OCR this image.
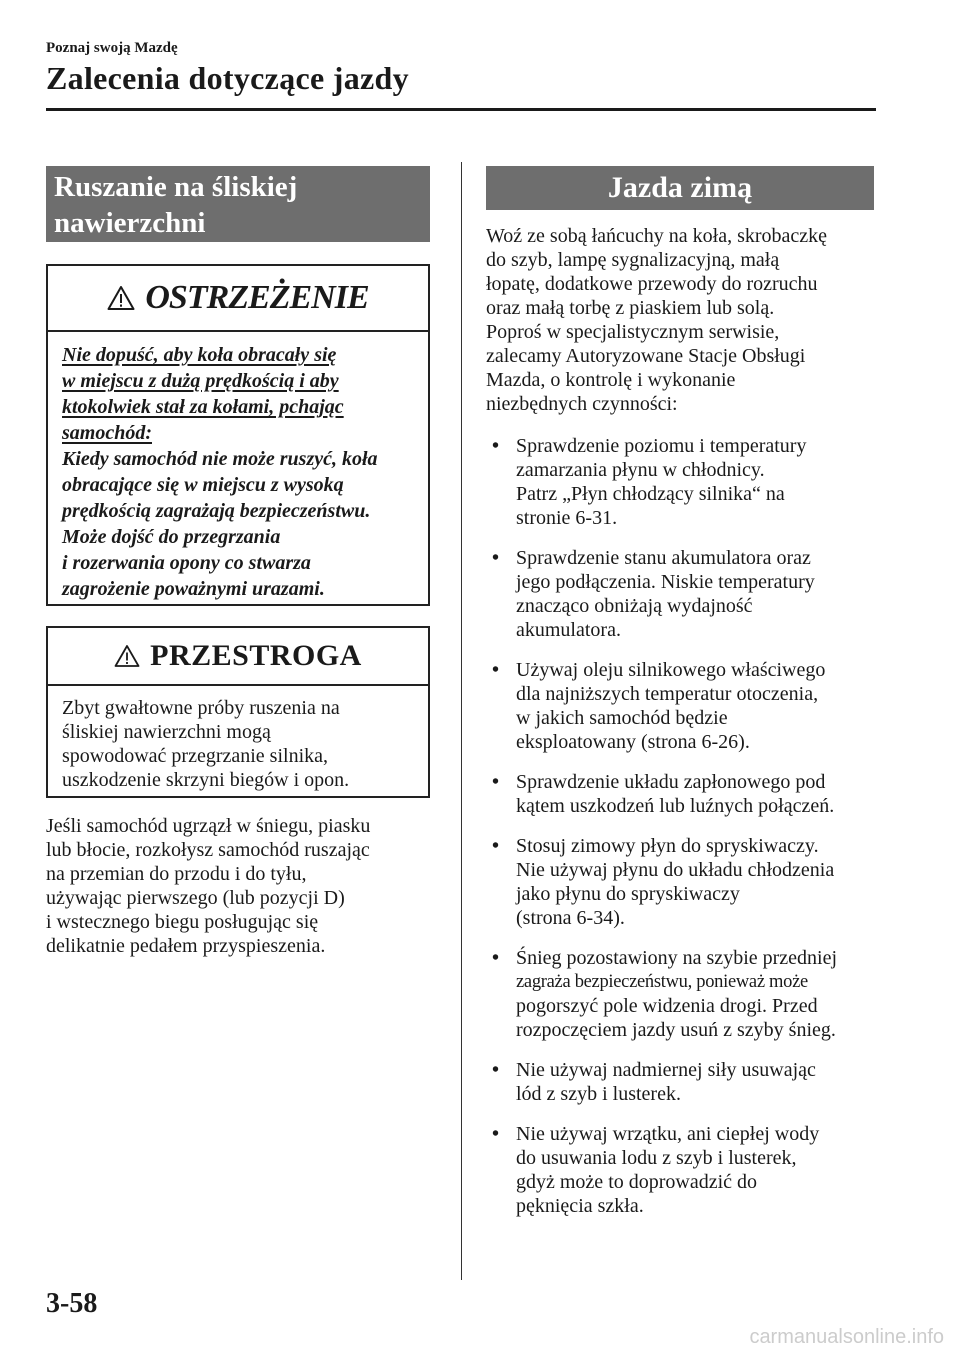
Poznaj swoją Mazdę
Zalecenia dotyczące jazdy
Ruszanie na śliskiej
nawierzchni
OSTRZEŻENIE

Nie dopuść, aby koła obracały się

w miejscu z dużą prędkością i aby

ktokolwiek stał za kołami, pchając

samochód:

Kiedy samochód nie może ruszyć, koła

obracające się w miejscu z wysoką

prędkością zagrażają bezpieczeństwu.

Może dojść do przegrzania

i rozerwania opony co stwarza

zagrożenie poważnymi urazami.

PRZESTROGA
Zbyt gwałtowne próby ruszenia na
śliskiej nawierzchni mogą
spowodować przegrzanie silnika,
uszkodzenie skrzyni biegów i opon.
Jeśli samochód ugrzązł w śniegu, piasku
lub błocie, rozkołysz samochód ruszając
na przemian do przodu i do tyłu,
używając pierwszego (lub pozycji D)
i wstecznego biegu posługując się
delikatnie pedałem przyspieszenia.
Jazda zimą
Woź ze sobą łańcuchy na koła, skrobaczkę
do szyb, lampę sygnalizacyjną, małą
łopatę, dodatkowe przewody do rozruchu
oraz małą torbę z piaskiem lub solą.
Poproś w specjalistycznym serwisie,
zalecamy Autoryzowane Stacje Obsługi
Mazda, o kontrolę i wykonanie
niezbędnych czynności:
• Sprawdzenie poziomu i temperatury
zamarzania płynu w chłodnicy.
Patrz „Płyn chłodzący silnika“ na
stronie 6-31.
• Sprawdzenie stanu akumulatora oraz
jego podłączenia. Niskie temperatury
znacząco obniżają wydajność
akumulatora.
• Używaj oleju silnikowego właściwego
dla najniższych temperatur otoczenia,
w jakich samochód będzie
eksploatowany (strona 6-26).
• Sprawdzenie układu zapłonowego pod
kątem uszkodzeń lub luźnych połączeń.
• Stosuj zimowy płyn do spryskiwaczy.
Nie używaj płynu do układu chłodzenia
jako płynu do spryskiwaczy
(strona 6-34).
• Śnieg pozostawiony na szybie przedniej
zagraża bezpieczeństwu, ponieważ może
pogorszyć pole widzenia drogi. Przed
rozpoczęciem jazdy usuń z szyby śnieg.
• Nie używaj nadmiernej siły usuwając
lód z szyb i lusterek.
• Nie używaj wrzątku, ani ciepłej wody
do usuwania lodu z szyb i lusterek,
gdyż może to doprowadzić do
pęknięcia szkła.
3-58
carmanualsonline.info
